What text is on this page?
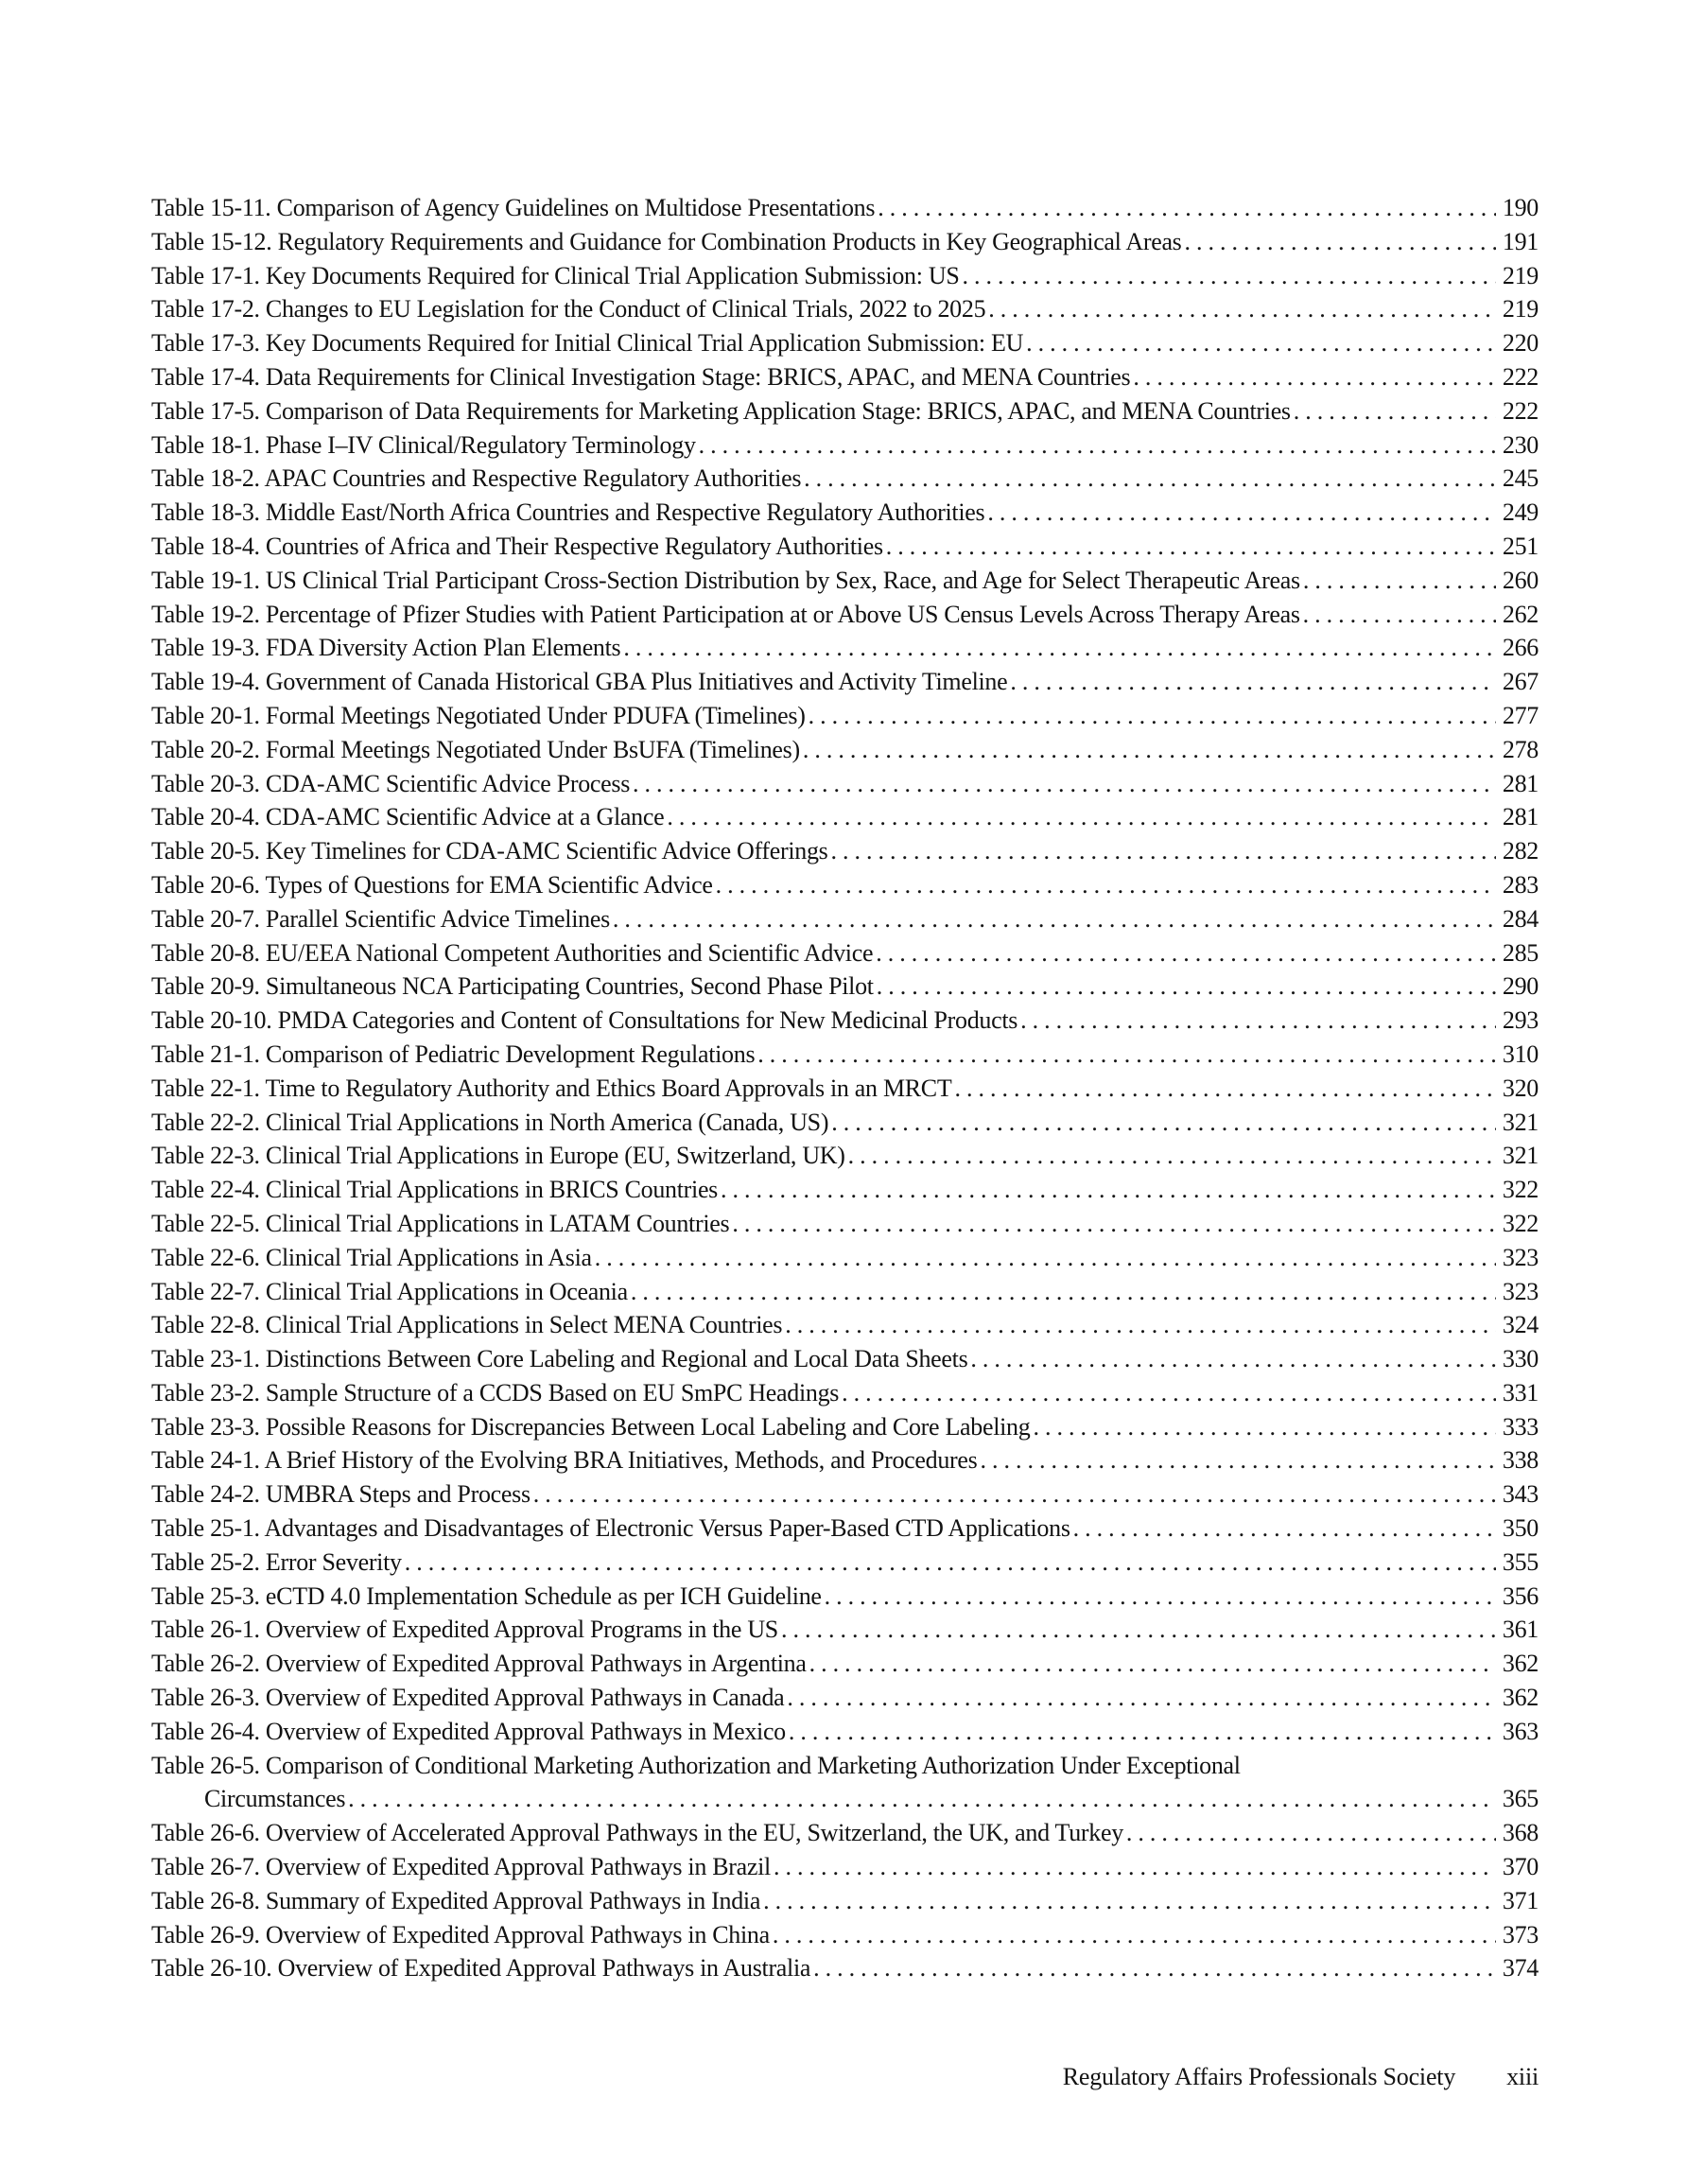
Table 15-11. Comparison of Agency Guidelines on Multidose Presentations .....	190
Table 15-12. Regulatory Requirements and Guidance for Combination Products in Key Geographical Areas .....	191
Table 17-1. Key Documents Required for Clinical Trial Application Submission: US .....	219
Table 17-2. Changes to EU Legislation for the Conduct of Clinical Trials, 2022 to 2025 .....	219
Table 17-3. Key Documents Required for Initial Clinical Trial Application Submission: EU .....	220
Table 17-4. Data Requirements for Clinical Investigation Stage: BRICS, APAC, and MENA Countries .....	222
Table 17-5. Comparison of Data Requirements for Marketing Application Stage: BRICS, APAC, and MENA Countries .....	222
Table 18-1. Phase I–IV Clinical/Regulatory Terminology .....	230
Table 18-2. APAC Countries and Respective Regulatory Authorities .....	245
Table 18-3. Middle East/North Africa Countries and Respective Regulatory Authorities .....	249
Table 18-4. Countries of Africa and Their Respective Regulatory Authorities .....	251
Table 19-1. US Clinical Trial Participant Cross-Section Distribution by Sex, Race, and Age for Select Therapeutic Areas .....	260
Table 19-2. Percentage of Pfizer Studies with Patient Participation at or Above US Census Levels Across Therapy Areas .....	262
Table 19-3. FDA Diversity Action Plan Elements .....	266
Table 19-4. Government of Canada Historical GBA Plus Initiatives and Activity Timeline .....	267
Table 20-1. Formal Meetings Negotiated Under PDUFA (Timelines) .....	277
Table 20-2. Formal Meetings Negotiated Under BsUFA (Timelines) .....	278
Table 20-3. CDA-AMC Scientific Advice Process .....	281
Table 20-4. CDA-AMC Scientific Advice at a Glance .....	281
Table 20-5. Key Timelines for CDA-AMC Scientific Advice Offerings .....	282
Table 20-6. Types of Questions for EMA Scientific Advice .....	283
Table 20-7. Parallel Scientific Advice Timelines .....	284
Table 20-8. EU/EEA National Competent Authorities and Scientific Advice .....	285
Table 20-9. Simultaneous NCA Participating Countries, Second Phase Pilot .....	290
Table 20-10. PMDA Categories and Content of Consultations for New Medicinal Products .....	293
Table 21-1. Comparison of Pediatric Development Regulations .....	310
Table 22-1. Time to Regulatory Authority and Ethics Board Approvals in an MRCT .....	320
Table 22-2. Clinical Trial Applications in North America (Canada, US) .....	321
Table 22-3. Clinical Trial Applications in Europe (EU, Switzerland, UK) .....	321
Table 22-4. Clinical Trial Applications in BRICS Countries .....	322
Table 22-5. Clinical Trial Applications in LATAM Countries .....	322
Table 22-6. Clinical Trial Applications in Asia .....	323
Table 22-7. Clinical Trial Applications in Oceania .....	323
Table 22-8. Clinical Trial Applications in Select MENA Countries .....	324
Table 23-1. Distinctions Between Core Labeling and Regional and Local Data Sheets .....	330
Table 23-2. Sample Structure of a CCDS Based on EU SmPC Headings .....	331
Table 23-3. Possible Reasons for Discrepancies Between Local Labeling and Core Labeling .....	333
Table 24-1. A Brief History of the Evolving BRA Initiatives, Methods, and Procedures .....	338
Table 24-2. UMBRA Steps and Process .....	343
Table 25-1. Advantages and Disadvantages of Electronic Versus Paper-Based CTD Applications .....	350
Table 25-2. Error Severity .....	355
Table 25-3. eCTD 4.0 Implementation Schedule as per ICH Guideline .....	356
Table 26-1. Overview of Expedited Approval Programs in the US .....	361
Table 26-2. Overview of Expedited Approval Pathways in Argentina .....	362
Table 26-3. Overview of Expedited Approval Pathways in Canada .....	362
Table 26-4. Overview of Expedited Approval Pathways in Mexico .....	363
Table 26-5. Comparison of Conditional Marketing Authorization and Marketing Authorization Under Exceptional
Circumstances .....	365
Table 26-6. Overview of Accelerated Approval Pathways in the EU, Switzerland, the UK, and Turkey .....	368
Table 26-7. Overview of Expedited Approval Pathways in Brazil .....	370
Table 26-8. Summary of Expedited Approval Pathways in India .....	371
Table 26-9. Overview of Expedited Approval Pathways in China .....	373
Table 26-10. Overview of Expedited Approval Pathways in Australia .....	374
Regulatory Affairs Professionals Society xiii
